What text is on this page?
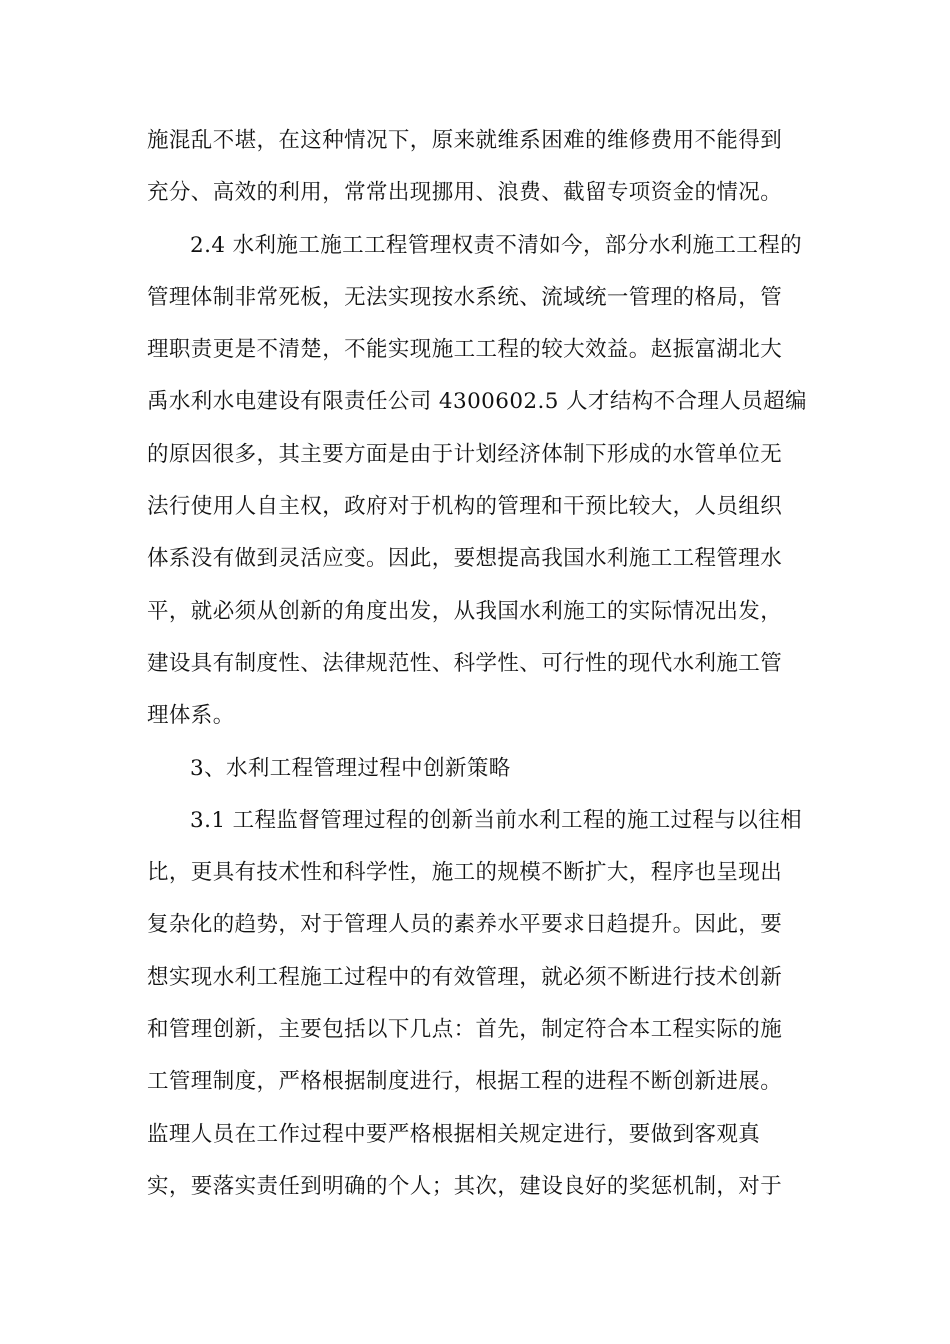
施混乱不堪，在这种情况下，原来就维系困难的维修费用不能得到
充分、高效的利用，常常出现挪用、浪费、截留专项资金的情况。
2.4 水利施工施工工程管理权责不清如今，部分水利施工工程的
管理体制非常死板，无法实现按水系统、流域统一管理的格局，管
理职责更是不清楚，不能实现施工工程的较大效益。赵振富湖北大
禹水利水电建设有限责任公司 4300602.5 人才结构不合理人员超编
的原因很多，其主要方面是由于计划经济体制下形成的水管单位无
法行使用人自主权，政府对于机构的管理和干预比较大，人员组织
体系没有做到灵活应变。因此，要想提高我国水利施工工程管理水
平，就必须从创新的角度出发，从我国水利施工的实际情况出发，
建设具有制度性、法律规范性、科学性、可行性的现代水利施工管
理体系。
3、水利工程管理过程中创新策略
3.1 工程监督管理过程的创新当前水利工程的施工过程与以往相
比，更具有技术性和科学性，施工的规模不断扩大，程序也呈现出
复杂化的趋势，对于管理人员的素养水平要求日趋提升。因此，要
想实现水利工程施工过程中的有效管理，就必须不断进行技术创新
和管理创新，主要包括以下几点：首先，制定符合本工程实际的施
工管理制度，严格根据制度进行，根据工程的进程不断创新进展。
监理人员在工作过程中要严格根据相关规定进行，要做到客观真
实，要落实责任到明确的个人；其次，建设良好的奖惩机制，对于
